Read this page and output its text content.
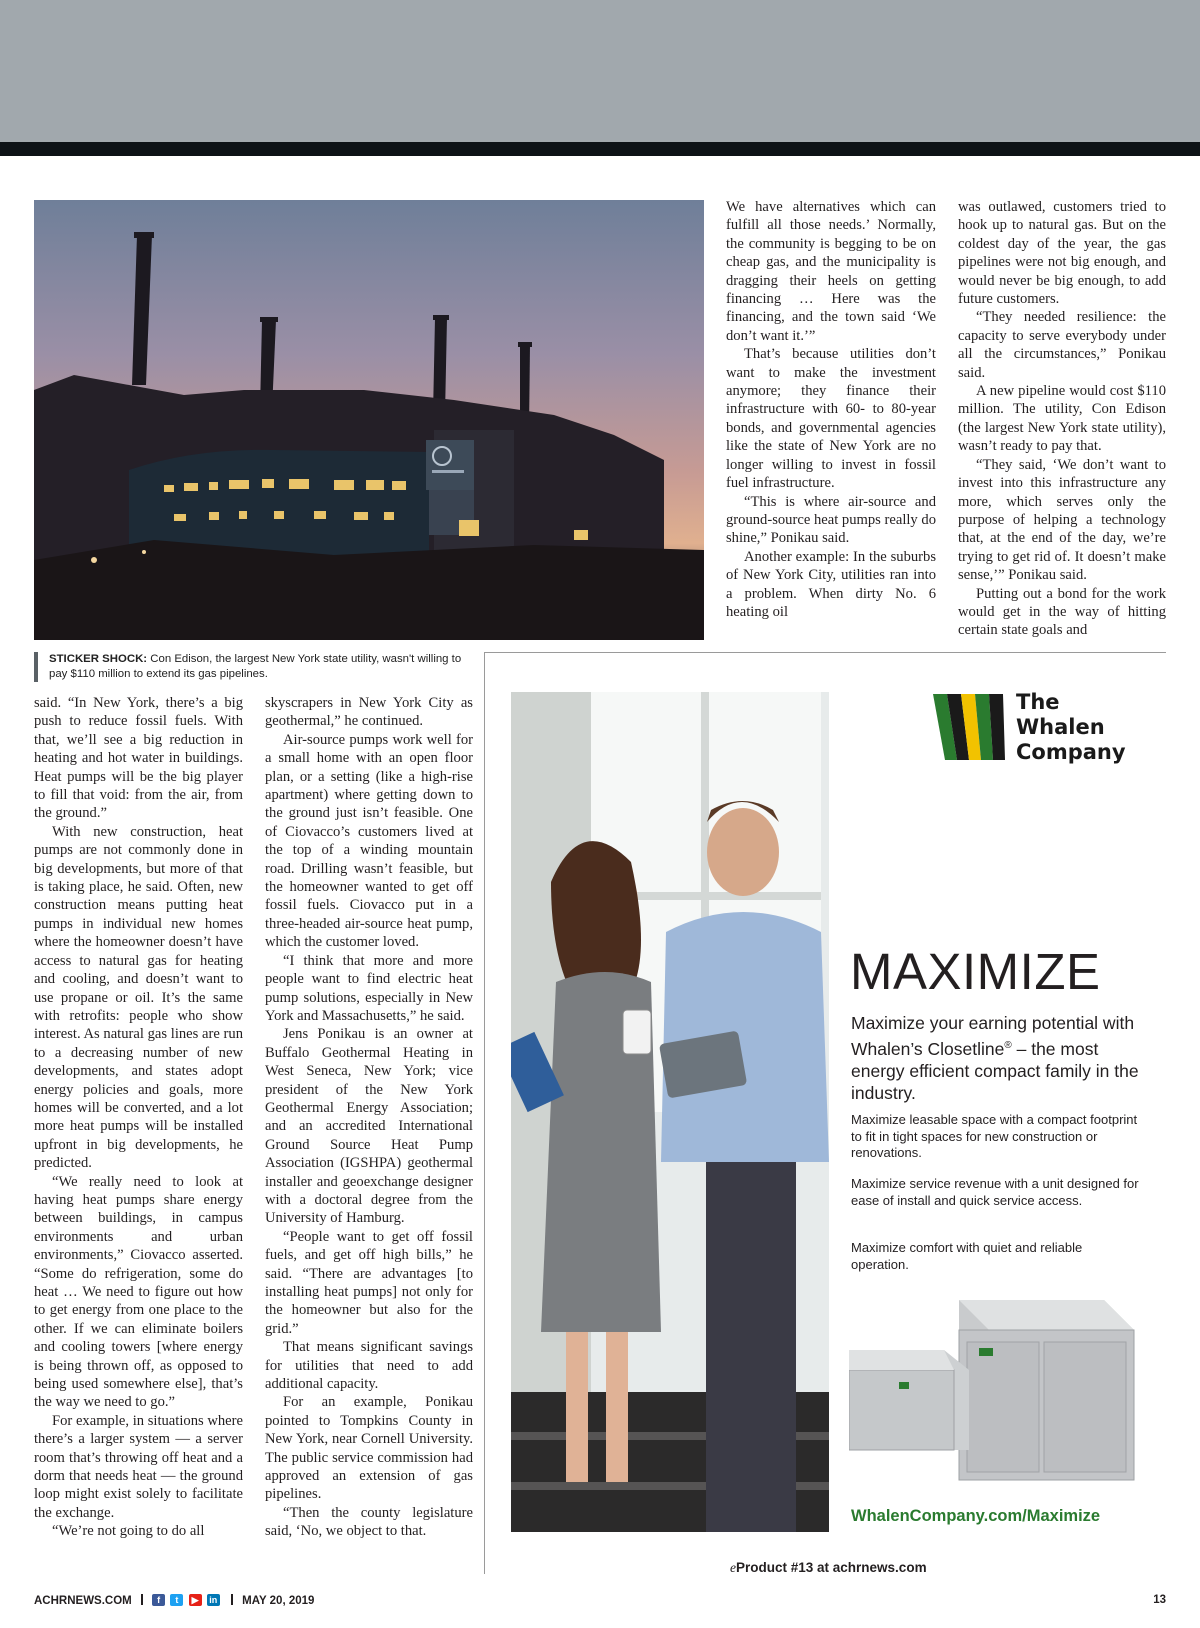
STICKER SHOCK: Con Edison, the largest New York state utility, wasn't willing to pay $110 million to extend its gas pipelines.

We have alternatives which can fulfill all those needs.’ Normally, the community is begging to be on cheap gas, and the municipality is dragging their heels on getting financing … Here was the financing, and the town said ‘We don’t want it.’”

That’s because utilities don’t want to make the investment anymore; they finance their infrastructure with 60- to 80-year bonds, and governmental agencies like the state of New York are no longer willing to invest in fossil fuel infrastructure.

“This is where air-source and ground-source heat pumps really do shine,” Ponikau said.

Another example: In the suburbs of New York City, utilities ran into a problem. When dirty No. 6 heating oil

was outlawed, customers tried to hook up to natural gas. But on the coldest day of the year, the gas pipelines were not big enough, and would never be big enough, to add future customers.

“They needed resilience: the capacity to serve everybody under all the circumstances,” Ponikau said.

A new pipeline would cost $110 million. The utility, Con Edison (the largest New York state utility), wasn’t ready to pay that.

“They said, ‘We don’t want to invest into this infrastructure any more, which serves only the purpose of helping a technology that, at the end of the day, we’re trying to get rid of. It doesn’t make sense,’” Ponikau said.

Putting out a bond for the work would get in the way of hitting certain state goals and

said. “In New York, there’s a big push to reduce fossil fuels. With that, we’ll see a big reduction in heating and hot water in buildings. Heat pumps will be the big player to fill that void: from the air, from the ground.”

With new construction, heat pumps are not commonly done in big developments, but more of that is taking place, he said. Often, new construction means putting heat pumps in individual new homes where the homeowner doesn’t have access to natural gas for heating and cooling, and doesn’t want to use propane or oil. It’s the same with retrofits: people who show interest. As natural gas lines are run to a decreasing number of new developments, and states adopt energy policies and goals, more homes will be converted, and a lot more heat pumps will be installed upfront in big developments, he predicted.

“We really need to look at having heat pumps share energy between buildings, in campus environments and urban environments,” Ciovacco asserted. “Some do refrigeration, some do heat … We need to figure out how to get energy from one place to the other. If we can eliminate boilers and cooling towers [where energy is being thrown off, as opposed to being used somewhere else], that’s the way we need to go.”

For example, in situations where there’s a larger system — a server room that’s throwing off heat and a dorm that needs heat — the ground loop might exist solely to facilitate the exchange.

“We’re not going to do all

skyscrapers in New York City as geothermal,” he continued.

Air-source pumps work well for a small home with an open floor plan, or a setting (like a high-rise apartment) where getting down to the ground just isn’t feasible. One of Ciovacco’s customers lived at the top of a winding mountain road. Drilling wasn’t feasible, but the homeowner wanted to get off fossil fuels. Ciovacco put in a three-headed air-source heat pump, which the customer loved.

“I think that more and more people want to find electric heat pump solutions, especially in New York and Massachusetts,” he said.

Jens Ponikau is an owner at Buffalo Geothermal Heating in West Seneca, New York; vice president of the New York Geothermal Energy Association; and an accredited International Ground Source Heat Pump Association (IGSHPA) geothermal installer and geoexchange designer with a doctoral degree from the University of Hamburg.

“People want to get off fossil fuels, and get off high bills,” he said. “There are advantages [to installing heat pumps] not only for the homeowner but also for the grid.”

That means significant savings for utilities that need to add additional capacity.

For an example, Ponikau pointed to Tompkins County in New York, near Cornell University. The public service commission had approved an extension of gas pipelines.

“Then the county legislature said, ‘No, we object to that.

The
Whalen
Company
MAXIMIZE
Maximize your earning potential with Whalen’s Closetline® – the most energy efficient compact family in the industry.
Maximize leasable space with a compact footprint to fit in tight spaces for new construction or renovations.
Maximize service revenue with a unit designed for ease of install and quick service access.
Maximize comfort with quiet and reliable operation.
WhalenCompany.com/Maximize
eProduct #13 at achrnews.com
ACHRNEWS.COM	f
	t
	▶
	in MAY 20, 2019	13
